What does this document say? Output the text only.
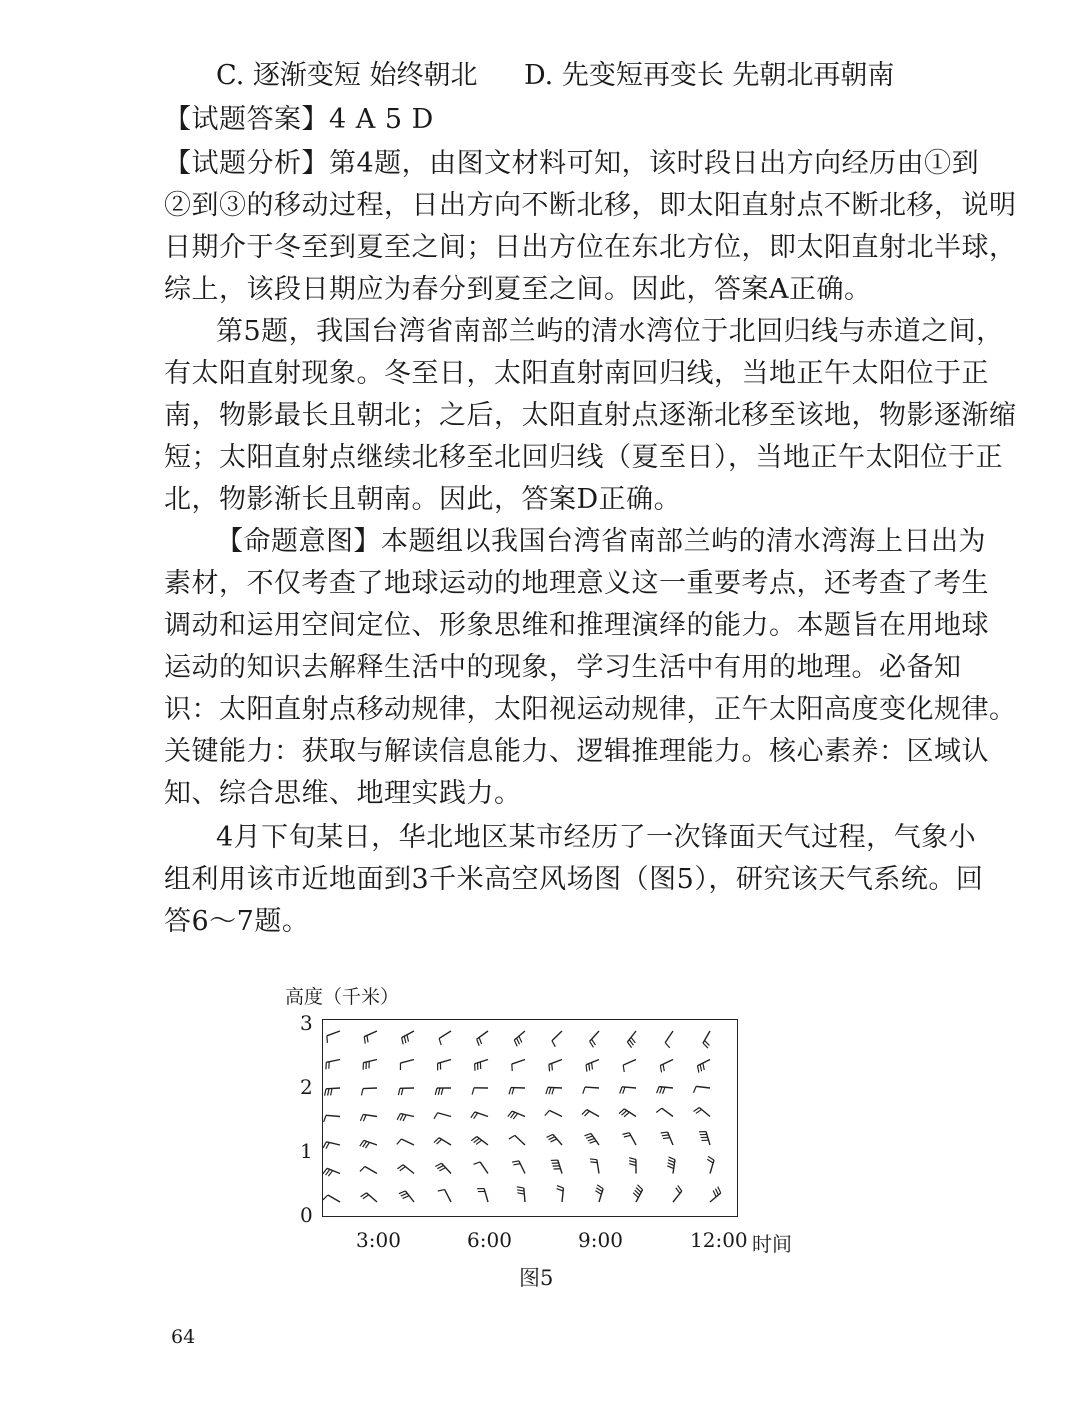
C. 逐渐变短 始终朝北 D. 先变短再变长 先朝北再朝南
【试题答案】4 A 5 D
【试题分析】第4题，由图文材料可知，该时段日出方向经历由①到
②到③的移动过程，日出方向不断北移，即太阳直射点不断北移，说明
日期介于冬至到夏至之间；日出方位在东北方位，即太阳直射北半球，
综上，该段日期应为春分到夏至之间。因此，答案A正确。
第5题，我国台湾省南部兰屿的清水湾位于北回归线与赤道之间，
有太阳直射现象。冬至日，太阳直射南回归线，当地正午太阳位于正
南，物影最长且朝北；之后，太阳直射点逐渐北移至该地，物影逐渐缩
短；太阳直射点继续北移至北回归线（夏至日），当地正午太阳位于正
北，物影渐长且朝南。因此，答案D正确。
【命题意图】本题组以我国台湾省南部兰屿的清水湾海上日出为
素材，不仅考查了地球运动的地理意义这一重要考点，还考查了考生
调动和运用空间定位、形象思维和推理演绎的能力。本题旨在用地球
运动的知识去解释生活中的现象，学习生活中有用的地理。必备知
识：太阳直射点移动规律，太阳视运动规律，正午太阳高度变化规律。
关键能力：获取与解读信息能力、逻辑推理能力。核心素养：区域认
知、综合思维、地理实践力。
4月下旬某日，华北地区某市经历了一次锋面天气过程，气象小
组利用该市近地面到3千米高空风场图（图5），研究该天气系统。回
答6～7题。
高度（千米）
3
2
1
0
3:00	6:00	9:00	12:00 时间
图5
64
